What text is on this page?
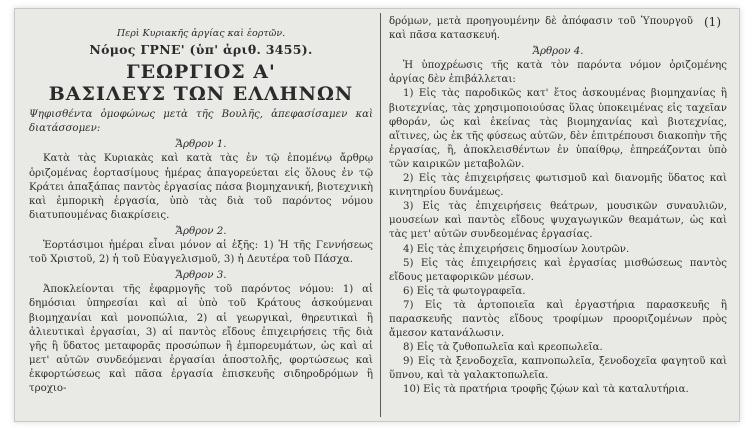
Περὶ Κυριακῆς ἀργίας καὶ ἑορτῶν.
Νόμος ΓΡΝΕ' (ὑπ' ἀριθ. 3455).
ΓΕΩΡΓΙΟΣ Α'
ΒΑΣΙΛΕΥΣ ΤΩΝ ΕΛΛΗΝΩΝ
Ψηφισθέντα ὁμοφώνως μετὰ τῆς Βουλῆς, ἀπεφασίσαμεν καὶ διατάσσομεν:
Ἄρθρον 1.

Κατὰ τὰς Κυριακὰς καὶ κατὰ τὰς ἐν τῷ ἑπομένῳ ἄρθρῳ ὁριζομένας ἑορτασίμους ἡμέρας ἀπαγορεύεται εἰς ὅλους ἐν τῷ Κράτει ἀπαξάπας παντὸς ἐργασίας πάσα βιομηχανική, βιοτεχνικὴ καὶ ἐμπορικὴ ἐργασία, ὑπὸ τὰς διὰ τοῦ παρόντος νόμου διατυπουμένας διακρίσεις.

Ἄρθρον 2.

Ἑορτάσιμοι ἡμέραι εἶναι μόνον αἱ ἑξῆς: 1) Ἡ τῆς Γεννήσεως τοῦ Χριστοῦ, 2) ἡ τοῦ Εὐαγγελισμοῦ, 3) ἡ Δευτέρα τοῦ Πάσχα.

Ἄρθρον 3.

Ἀποκλείονται τῆς ἐφαρμογῆς τοῦ παρόντος νόμου: 1) αἱ δημόσιαι ὑπηρεσίαι καὶ αἱ ὑπὸ τοῦ Κράτους ἀσκούμεναι βιομηχανίαι καὶ μονοπώλια, 2) αἱ γεωργικαὶ, θηρευτικαὶ ἢ ἁλιευτικαὶ ἐργασίαι, 3) αἱ παντὸς εἴδους ἐπιχειρήσεις τῆς διὰ γῆς ἢ ὕδατος μεταφορᾶς προσώπων ἢ ἐμπορευμάτων, ὡς καὶ αἱ μετ' αὐτῶν συνδεόμεναι ἐργασίαι ἀποστολῆς, φορτώσεως καὶ ἐκφορτώσεως καὶ πᾶσα ἐργασία ἐπισκευῆς σιδηροδρόμων ἢ τροχιο-

(1)

δρόμων, μετὰ προηγουμένην δὲ ἀπόφασιν τοῦ Ὑπουργοῦ καὶ πᾶσα κατασκευή.

Ἄρθρον 4.

Ἡ ὑποχρέωσις τῆς κατὰ τὸν παρόντα νόμον ὁριζομένης ἀργίας δὲν ἐπιβάλλεται:

1) Εἰς τὰς παροδικῶς κατ' ἔτος ἀσκουμένας βιομηχανίας ἢ βιοτεχνίας, τὰς χρησιμοποιούσας ὕλας ὑποκειμένας εἰς ταχεῖαν φθοράν, ὡς καὶ ἐκείνας τὰς βιομηχανίας καὶ βιοτεχνίας, αἵτινες, ὡς ἐκ τῆς φύσεως αὐτῶν, δὲν ἐπιτρέπουσι διακοπὴν τῆς ἐργασίας, ἢ, ἀποκλεισθέντων ἐν ὑπαίθρῳ, ἐπηρεάζονται ὑπὸ τῶν καιρικῶν μεταβολῶν.

2) Εἰς τὰς ἐπιχειρήσεις φωτισμοῦ καὶ διανομῆς ὕδατος καὶ κινητηρίου δυνάμεως.

3) Εἰς τὰς ἐπιχειρήσεις θεάτρων, μουσικῶν συναυλιῶν, μουσείων καὶ παντὸς εἴδους ψυχαγωγικῶν θεαμάτων, ὡς καὶ τὰς μετ' αὐτῶν συνδεομένας ἐργασίας.

4) Εἰς τὰς ἐπιχειρήσεις δημοσίων λουτρῶν.

5) Εἰς τὰς ἐπιχειρήσεις καὶ ἐργασίας μισθώσεως παντὸς εἴδους μεταφορικῶν μέσων.

6) Εἰς τὰ φωτογραφεῖα.

7) Εἰς τὰ ἀρτοποιεῖα καὶ ἐργαστήρια παρασκευῆς ἢ παρασκευῆς παντὸς εἴδους τροφίμων προοριζομένων πρὸς ἄμεσον κατανάλωσιν.

8) Εἰς τὰ ζυθοπωλεῖα καὶ κρεοπωλεῖα.

9) Εἰς τὰ ξενοδοχεῖα, καπνοπωλεῖα, ξενοδοχεῖα φαγητοῦ καὶ ὕπνου, καὶ τὰ γαλακτοπωλεῖα.

10) Εἰς τὰ πρατήρια τροφῆς ζῴων καὶ τὰ καταλυτήρια.
